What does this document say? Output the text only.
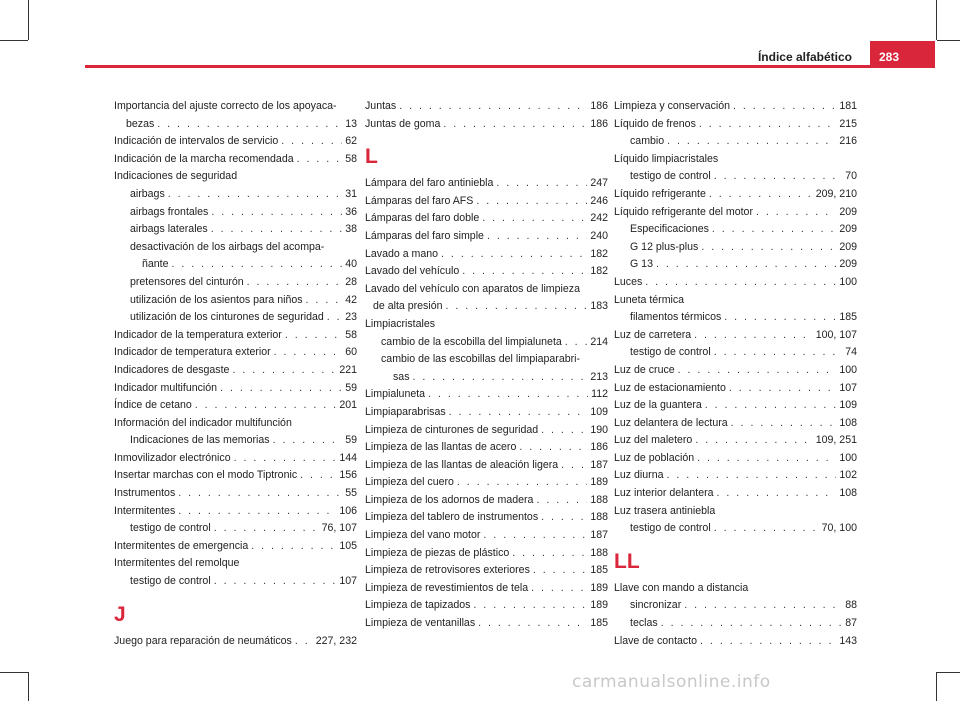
Índice alfabético	283
Importancia del ajuste correcto de los apoyaca-
bezas . . .	13
Indicación de intervalos de servicio . . .	62
Indicación de la marcha recomendada . . .	58
Indicaciones de seguridad
airbags . . .	31
airbags frontales . . .	36
airbags laterales . . .	38
desactivación de los airbags del acompa-
ñante . . .	40
pretensores del cinturón . . .	28
utilización de los asientos para niños . . .	42
utilización de los cinturones de seguridad . . . 23
Indicador de la temperatura exterior . . .	58
Indicador de temperatura exterior . . .	60
Indicadores de desgaste . . .	221
Indicador multifunción . . .	59
Índice de cetano . . .	201
Información del indicador multifunción
Indicaciones de las memorias . . .	59
Inmovilizador electrónico . . .	144
Insertar marchas con el modo Tiptronic . . .	156
Instrumentos . . .	55
Intermitentes . . .	106
testigo de control . . .	76, 107
Intermitentes de emergencia . . .	105
Intermitentes del remolque
testigo de control . . .	107
J
Juego para reparación de neumáticos . . . 227, 232
Juntas . . .	186
Juntas de goma . . .	186
L
Lámpara del faro antiniebla . . .	247
Lámparas del faro AFS . . .	246
Lámparas del faro doble . . .	242
Lámparas del faro simple . . .	240
Lavado a mano . . .	182
Lavado del vehículo . . .	182
Lavado del vehículo con aparatos de limpieza
de alta presión . . .	183
Limpiacristales
cambio de la escobilla del limpialuneta . . .	214
cambio de las escobillas del limpiaparabri-
sas . . .	213
Limpialuneta . . .	112
Limpiaparabrisas . . .	109
Limpieza de cinturones de seguridad . . .	190
Limpieza de las llantas de acero . . .	186
Limpieza de las llantas de aleación ligera . . .	187
Limpieza del cuero . . .	189
Limpieza de los adornos de madera . . .	188
Limpieza del tablero de instrumentos . . .	188
Limpieza del vano motor . . .	187
Limpieza de piezas de plástico . . .	188
Limpieza de retrovisores exteriores . . .	185
Limpieza de revestimientos de tela . . .	189
Limpieza de tapizados . . .	189
Limpieza de ventanillas . . .	185
Limpieza y conservación . . .	181
Líquido de frenos . . .	215
cambio . . .	216
Líquido limpiacristales
testigo de control . . .	70
Líquido refrigerante . . .	209, 210
Líquido refrigerante del motor . . .	209
Especificaciones . . .	209
G 12 plus-plus . . .	209
G 13 . . .	209
Luces . . .	100
Luneta térmica
filamentos térmicos . . .	185
Luz de carretera . . .	100, 107
testigo de control . . .	74
Luz de cruce . . .	100
Luz de estacionamiento . . .	107
Luz de la guantera . . .	109
Luz delantera de lectura . . .	108
Luz del maletero . . .	109, 251
Luz de población . . .	100
Luz diurna . . .	102
Luz interior delantera . . .	108
Luz trasera antiniebla
testigo de control . . .	70, 100
LL
Llave con mando a distancia
sincronizar . . .	88
teclas . . .	87
Llave de contacto . . .	143
carmanualsonline.info
